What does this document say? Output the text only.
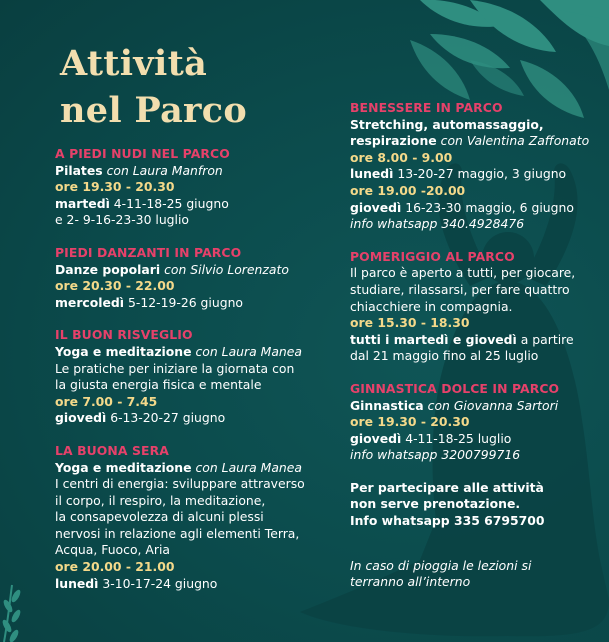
Attività
nel Parco
A PIEDI NUDI NEL PARCO
Pilates con Laura Manfron
ore 19.30 - 20.30
martedì 4-11-18-25 giugno
e 2- 9-16-23-30 luglio
PIEDI DANZANTI IN PARCO
Danze popolari con Silvio Lorenzato
ore 20.30 - 22.00
mercoledì 5-12-19-26 giugno
IL BUON RISVEGLIO
Yoga e meditazione con Laura Manea
Le pratiche per iniziare la giornata con
la giusta energia fisica e mentale
ore 7.00 - 7.45
giovedì 6-13-20-27 giugno
LA BUONA SERA
Yoga e meditazione con Laura Manea
I centri di energia: sviluppare attraverso
il corpo, il respiro, la meditazione,
la consapevolezza di alcuni plessi
nervosi in relazione agli elementi Terra,
Acqua, Fuoco, Aria
ore 20.00 - 21.00
lunedì 3-10-17-24 giugno
BENESSERE IN PARCO
Stretching, automassaggio,
respirazione con Valentina Zaffonato
ore 8.00 - 9.00
lunedì 13-20-27 maggio, 3 giugno
ore 19.00 -20.00
giovedì 16-23-30 maggio, 6 giugno
info whatsapp 340.4928476
POMERIGGIO AL PARCO
Il parco è aperto a tutti, per giocare,
studiare, rilassarsi, per fare quattro
chiacchiere in compagnia.
ore 15.30 - 18.30
tutti i martedì e giovedì a partire
dal 21 maggio fino al 25 luglio
GINNASTICA DOLCE IN PARCO
Ginnastica con Giovanna Sartori
ore 19.30 - 20.30
giovedì 4-11-18-25 luglio
info whatsapp 3200799716
Per partecipare alle attività
non serve prenotazione.
Info whatsapp 335 6795700
In caso di pioggia le lezioni si
terranno all’interno
